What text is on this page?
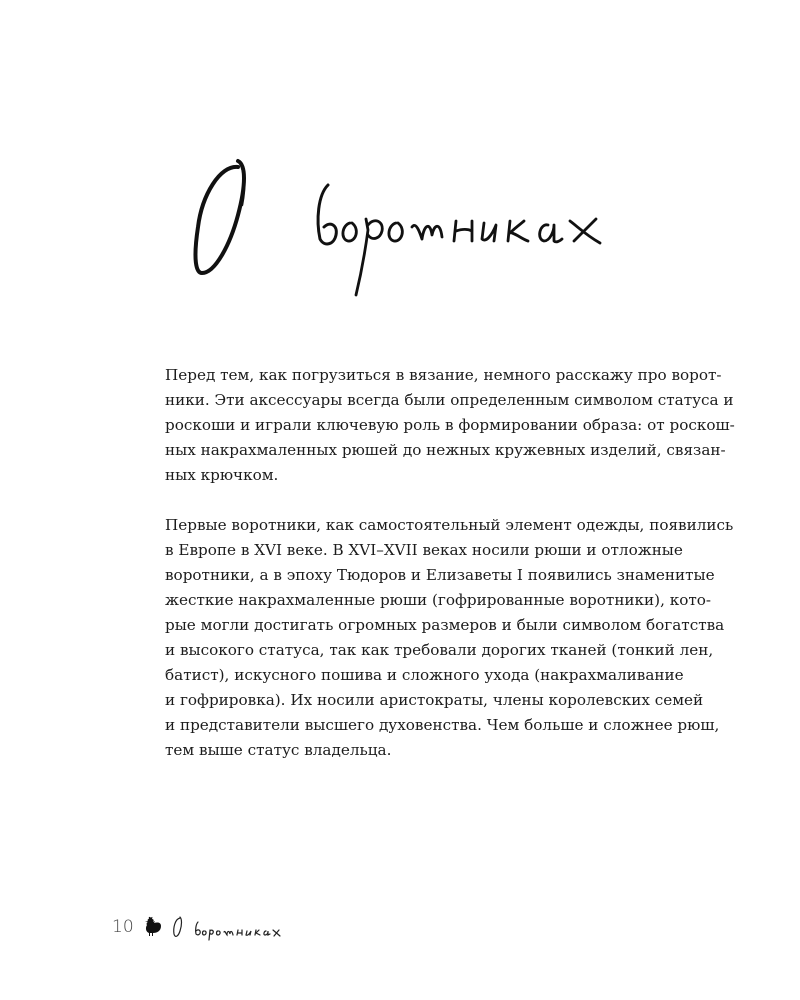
Перед тем, как погрузиться в вязание, немного расскажу про ворот-
ники. Эти аксессуары всегда были определенным символом статуса и
роскоши и играли ключевую роль в формировании образа: от роскош-
ных накрахмаленных рюшей до нежных кружевных изделий, связан-
ных крючком.

Первые воротники, как самостоятельный элемент одежды, появились
в Европе в XVI веке. В XVI–XVII веках носили рюши и отложные
воротники, а в эпоху Тюдоров и Елизаветы I появились знаменитые
жесткие накрахмаленные рюши (гофрированные воротники), кото-
рые могли достигать огромных размеров и были символом богатства
и высокого статуса, так как требовали дорогих тканей (тонкий лен,
батист), искусного пошива и сложного ухода (накрахмаливание
и гофрировка). Их носили аристократы, члены королевских семей
и представители высшего духовенства. Чем больше и сложнее рюш,
тем выше статус владельца.

10
